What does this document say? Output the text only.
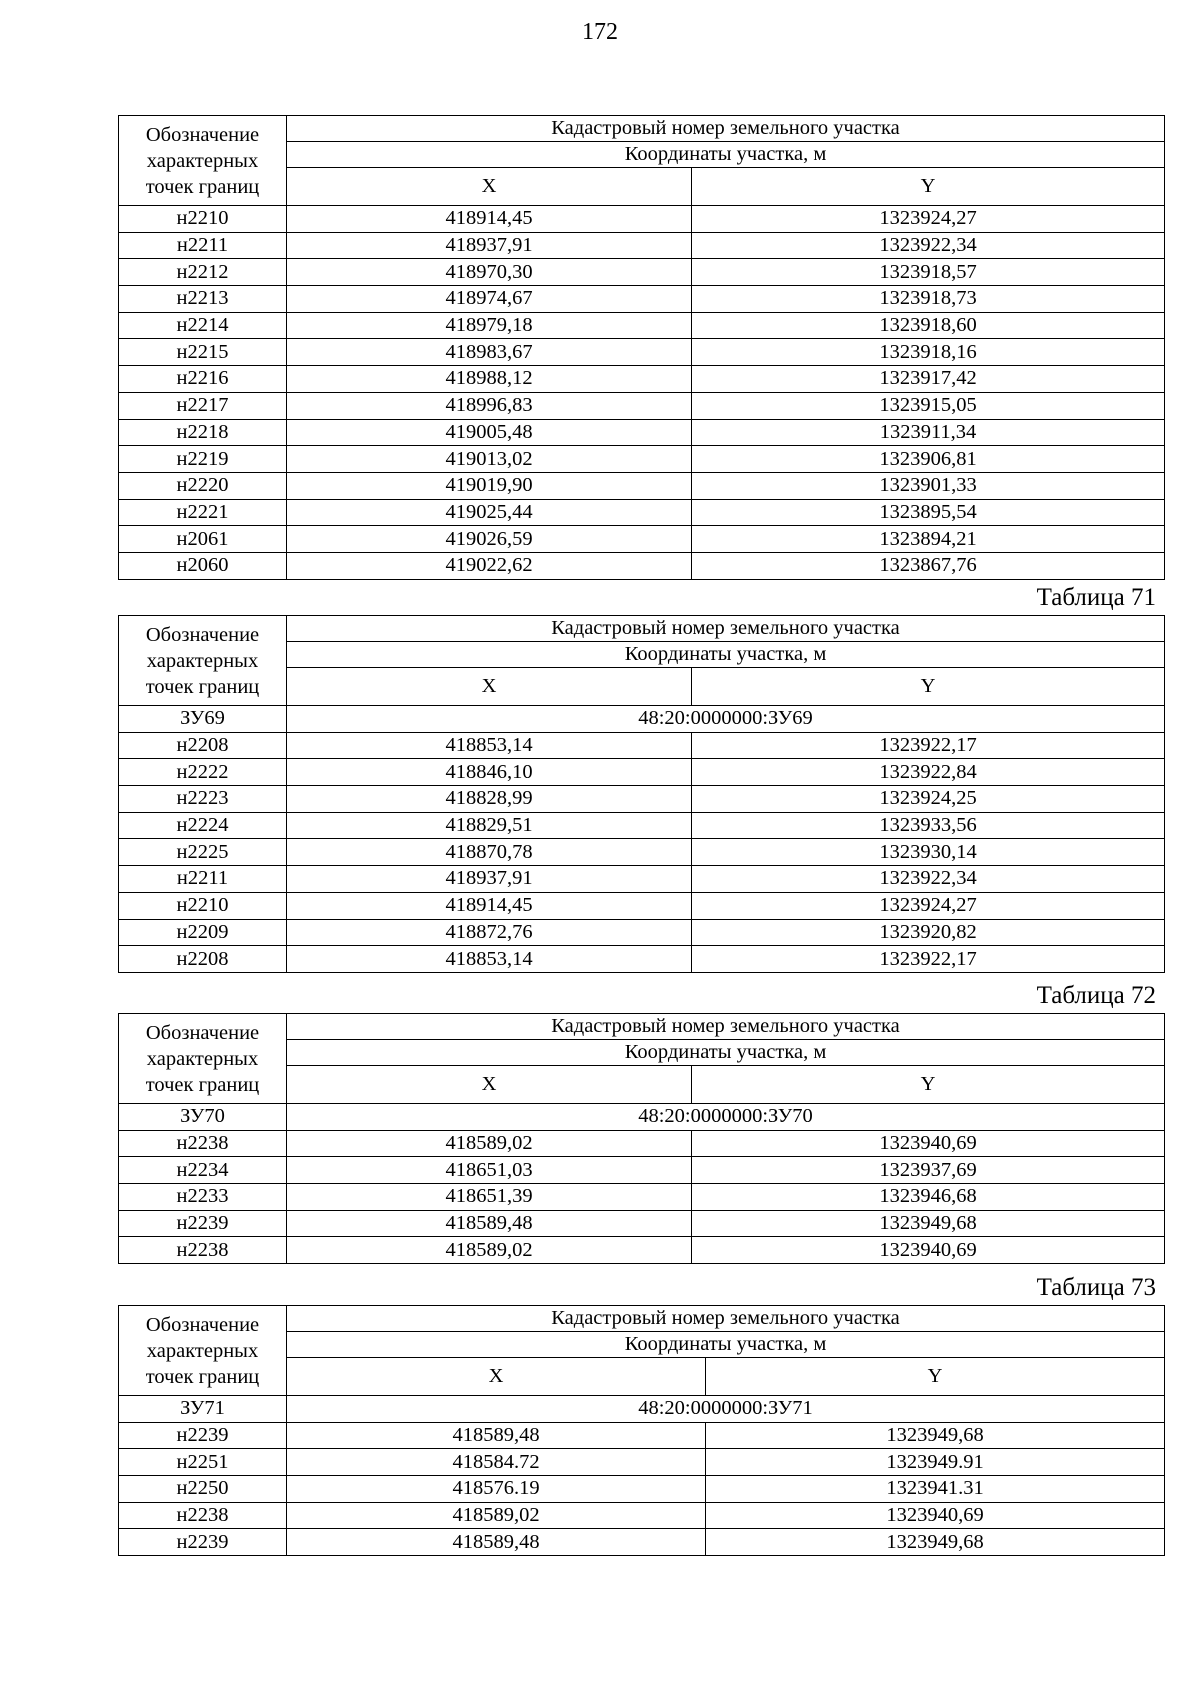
172
Обозначение
характерных
точек границ	Кадастровый номер земельного участка	
	Координаты участка, м	
	X	Y
н2210	418914,45	1323924,27
н2211	418937,91	1323922,34
н2212	418970,30	1323918,57
н2213	418974,67	1323918,73
н2214	418979,18	1323918,60
н2215	418983,67	1323918,16
н2216	418988,12	1323917,42
н2217	418996,83	1323915,05
н2218	419005,48	1323911,34
н2219	419013,02	1323906,81
н2220	419019,90	1323901,33
н2221	419025,44	1323895,54
н2061	419026,59	1323894,21
н2060	419022,62	1323867,76
Таблица 71
Обозначение
характерных
точек границ	Кадастровый номер земельного участка	
	Координаты участка, м	
	X	Y
ЗУ69	48:20:0000000:ЗУ69	
н2208	418853,14	1323922,17
н2222	418846,10	1323922,84
н2223	418828,99	1323924,25
н2224	418829,51	1323933,56
н2225	418870,78	1323930,14
н2211	418937,91	1323922,34
н2210	418914,45	1323924,27
н2209	418872,76	1323920,82
н2208	418853,14	1323922,17
Таблица 72
Обозначение
характерных
точек границ	Кадастровый номер земельного участка	
	Координаты участка, м	
	X	Y
ЗУ70	48:20:0000000:ЗУ70	
н2238	418589,02	1323940,69
н2234	418651,03	1323937,69
н2233	418651,39	1323946,68
н2239	418589,48	1323949,68
н2238	418589,02	1323940,69
Таблица 73
Обозначение
характерных
точек границ	Кадастровый номер земельного участка	
	Координаты участка, м	
	X	Y
ЗУ71	48:20:0000000:ЗУ71	
н2239	418589,48	1323949,68
н2251	418584.72	1323949.91
н2250	418576.19	1323941.31
н2238	418589,02	1323940,69
н2239	418589,48	1323949,68
